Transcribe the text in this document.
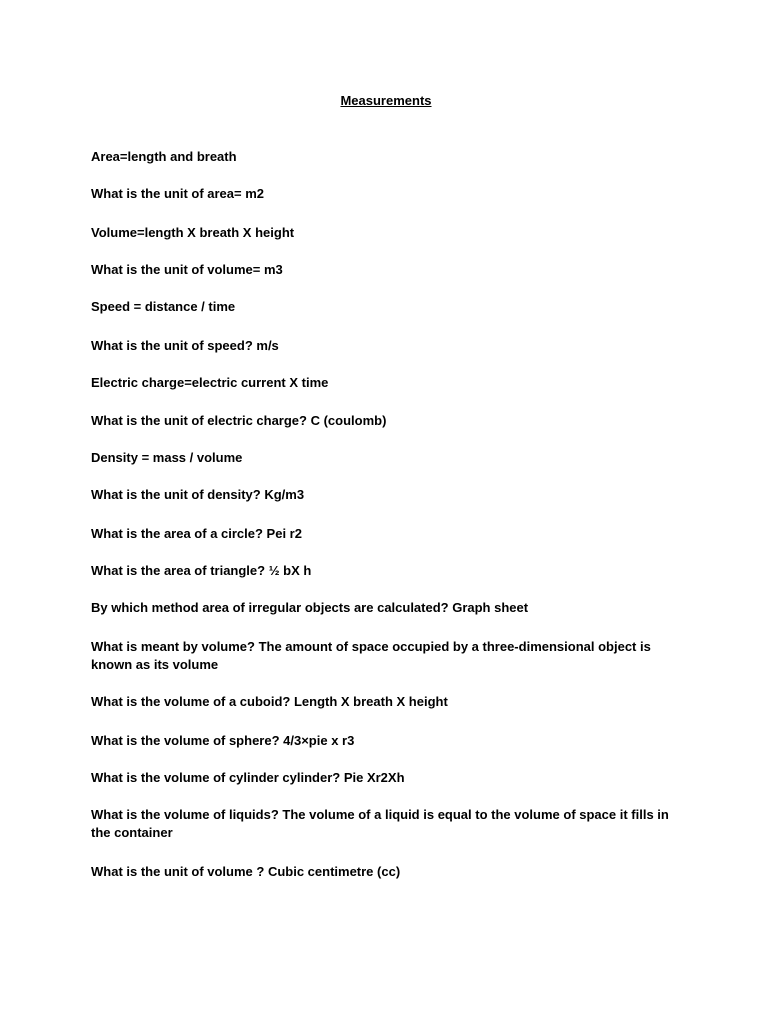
Measurements

Area=length and breath

What is the unit of area= m2

Volume=length X breath X height

What is the unit of volume= m3

Speed = distance / time

What is the unit of speed? m/s

Electric charge=electric current X time

What is the unit of electric charge? C (coulomb)

Density = mass / volume

What is the unit of density? Kg/m3

What is the area of a circle? Pei r2

What is the area of triangle? ½ bX h

By which method area of irregular objects are calculated? Graph sheet

What is meant by volume? The amount of space occupied by a three-dimensional object is known as its volume

What is the volume of a cuboid? Length X breath X height

What is the volume of sphere? 4/3×pie x r3

What is the volume of cylinder cylinder? Pie Xr2Xh

What is the volume of liquids? The volume of a liquid is equal to the volume of space it fills in the container

What is the unit of volume ? Cubic centimetre (cc)
